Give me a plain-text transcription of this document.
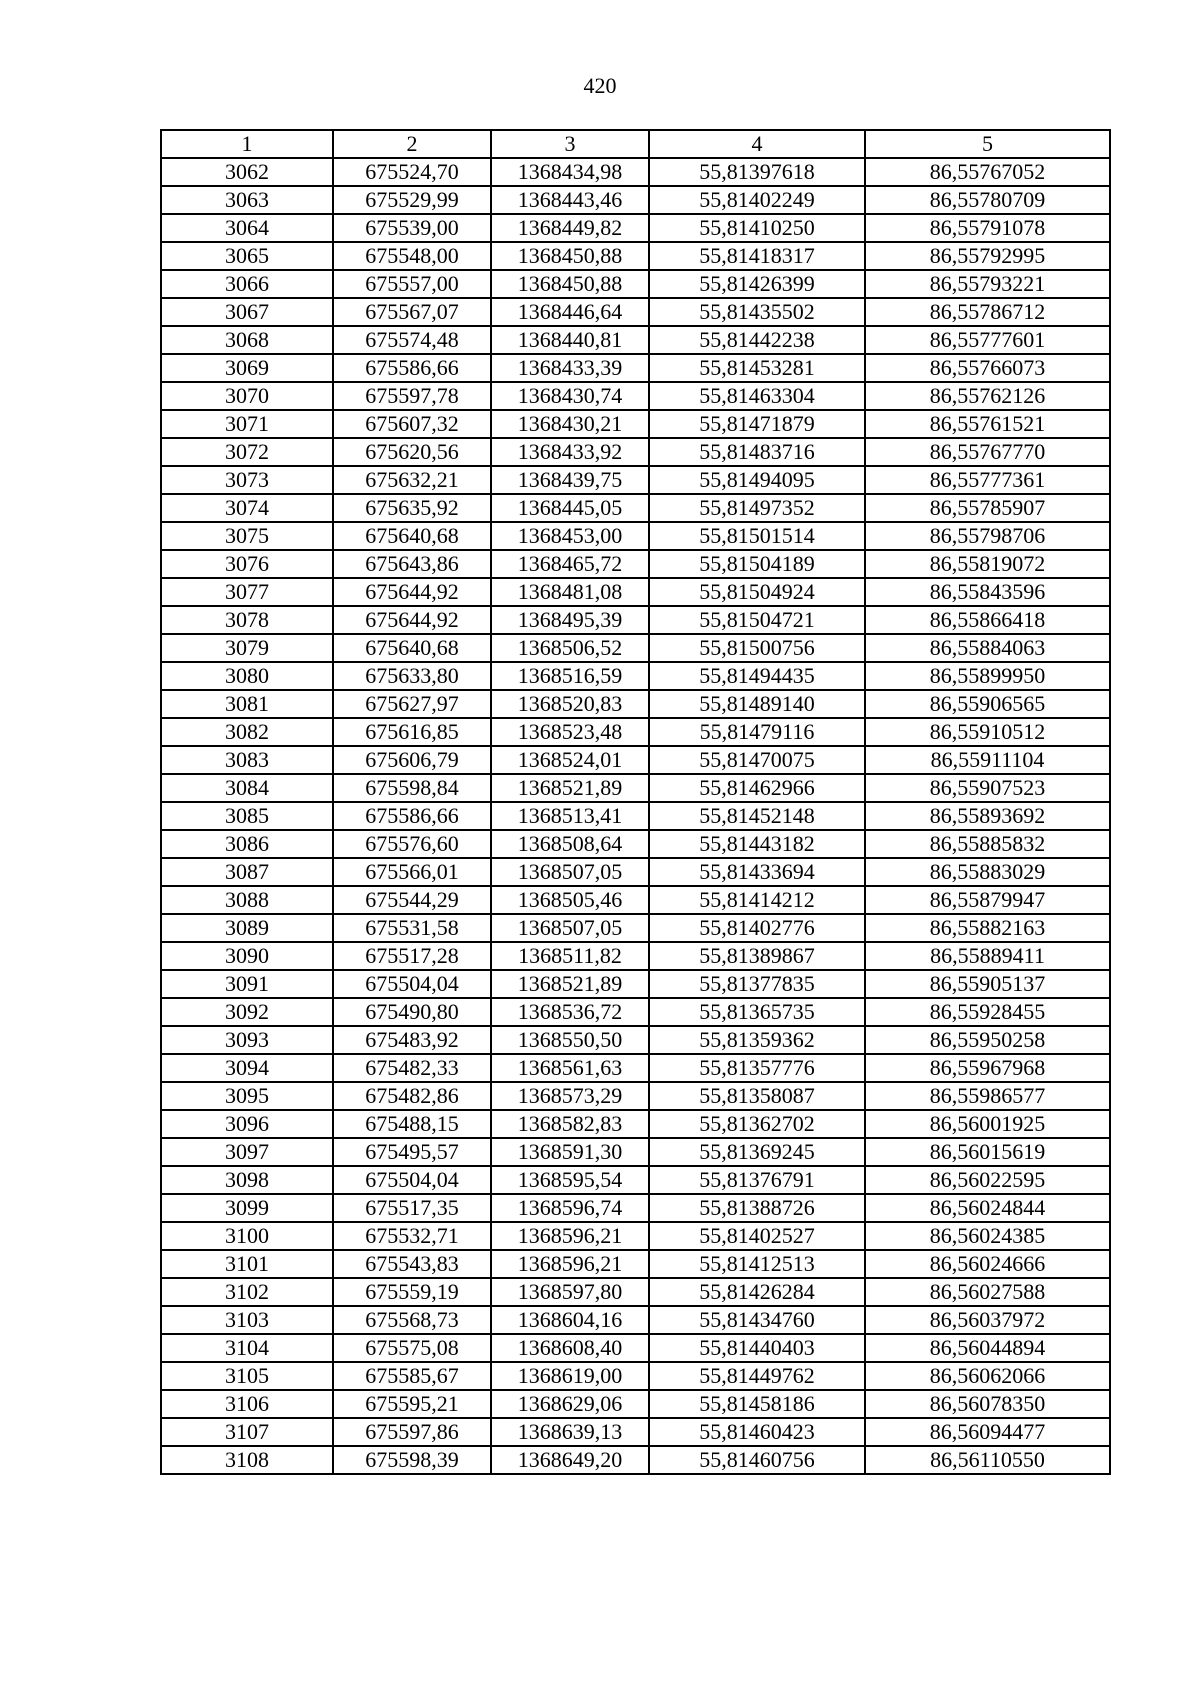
420
1	2	3	4	5
3062	675524,70	1368434,98	55,81397618	86,55767052
3063	675529,99	1368443,46	55,81402249	86,55780709
3064	675539,00	1368449,82	55,81410250	86,55791078
3065	675548,00	1368450,88	55,81418317	86,55792995
3066	675557,00	1368450,88	55,81426399	86,55793221
3067	675567,07	1368446,64	55,81435502	86,55786712
3068	675574,48	1368440,81	55,81442238	86,55777601
3069	675586,66	1368433,39	55,81453281	86,55766073
3070	675597,78	1368430,74	55,81463304	86,55762126
3071	675607,32	1368430,21	55,81471879	86,55761521
3072	675620,56	1368433,92	55,81483716	86,55767770
3073	675632,21	1368439,75	55,81494095	86,55777361
3074	675635,92	1368445,05	55,81497352	86,55785907
3075	675640,68	1368453,00	55,81501514	86,55798706
3076	675643,86	1368465,72	55,81504189	86,55819072
3077	675644,92	1368481,08	55,81504924	86,55843596
3078	675644,92	1368495,39	55,81504721	86,55866418
3079	675640,68	1368506,52	55,81500756	86,55884063
3080	675633,80	1368516,59	55,81494435	86,55899950
3081	675627,97	1368520,83	55,81489140	86,55906565
3082	675616,85	1368523,48	55,81479116	86,55910512
3083	675606,79	1368524,01	55,81470075	86,55911104
3084	675598,84	1368521,89	55,81462966	86,55907523
3085	675586,66	1368513,41	55,81452148	86,55893692
3086	675576,60	1368508,64	55,81443182	86,55885832
3087	675566,01	1368507,05	55,81433694	86,55883029
3088	675544,29	1368505,46	55,81414212	86,55879947
3089	675531,58	1368507,05	55,81402776	86,55882163
3090	675517,28	1368511,82	55,81389867	86,55889411
3091	675504,04	1368521,89	55,81377835	86,55905137
3092	675490,80	1368536,72	55,81365735	86,55928455
3093	675483,92	1368550,50	55,81359362	86,55950258
3094	675482,33	1368561,63	55,81357776	86,55967968
3095	675482,86	1368573,29	55,81358087	86,55986577
3096	675488,15	1368582,83	55,81362702	86,56001925
3097	675495,57	1368591,30	55,81369245	86,56015619
3098	675504,04	1368595,54	55,81376791	86,56022595
3099	675517,35	1368596,74	55,81388726	86,56024844
3100	675532,71	1368596,21	55,81402527	86,56024385
3101	675543,83	1368596,21	55,81412513	86,56024666
3102	675559,19	1368597,80	55,81426284	86,56027588
3103	675568,73	1368604,16	55,81434760	86,56037972
3104	675575,08	1368608,40	55,81440403	86,56044894
3105	675585,67	1368619,00	55,81449762	86,56062066
3106	675595,21	1368629,06	55,81458186	86,56078350
3107	675597,86	1368639,13	55,81460423	86,56094477
3108	675598,39	1368649,20	55,81460756	86,56110550
